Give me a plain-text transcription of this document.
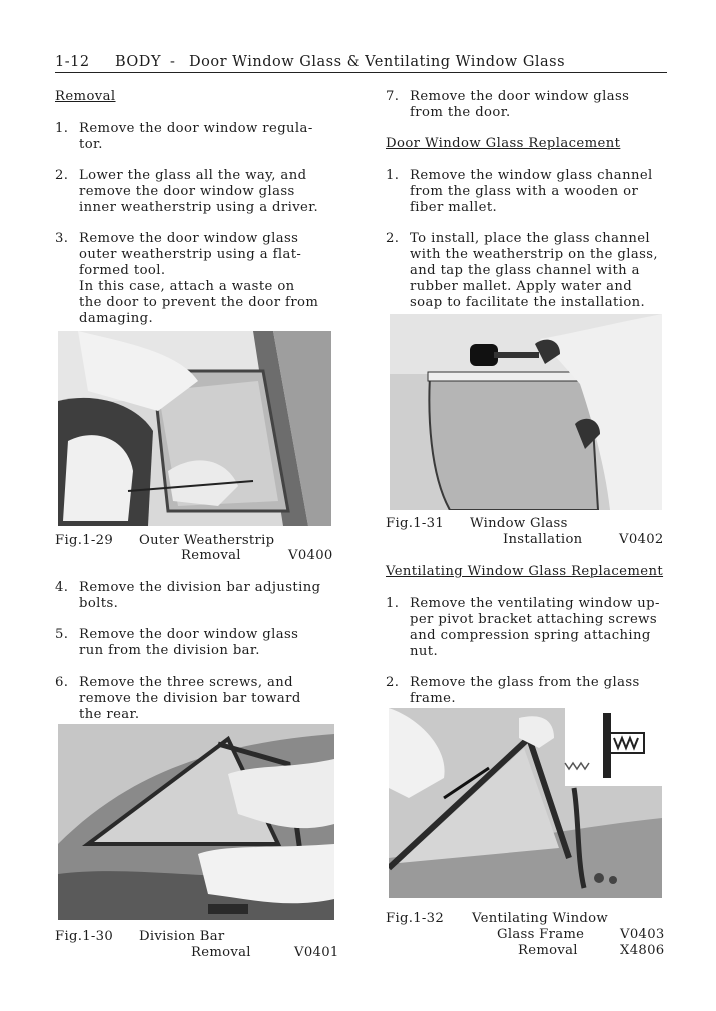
1-12 BODY - Door Window Glass & Ventilating Window Glass
Removal
1. Remove the door window regula-
tor.
2. Lower the glass all the way, and
remove the door window glass
inner weatherstrip using a driver.
3. Remove the door window glass
outer weatherstrip using a flat-
formed tool.
In this case, attach a waste on
the door to prevent the door from
damaging.
Fig.1-29 Outer Weatherstrip
Removal	V0400
4. Remove the division bar adjusting
bolts.
5. Remove the door window glass
run from the division bar.
6. Remove the three screws, and
remove the division bar toward
the rear.
Fig.1-30 Division Bar
Removal	V0401
7. Remove the door window glass
from the door.
Door Window Glass Replacement
1. Remove the window glass channel
from the glass with a wooden or
fiber mallet.
2. To install, place the glass channel
with the weatherstrip on the glass,
and tap the glass channel with a
rubber mallet. Apply water and
soap to facilitate the installation.
Fig.1-31 Window Glass
Installation	V0402
Ventilating Window Glass Replacement
1. Remove the ventilating window up-
per pivot bracket attaching screws
and compression spring attaching
nut.
2. Remove the glass from the glass
frame.
Fig.1-32 Ventilating Window
Glass Frame	V0403
Removal	X4806
